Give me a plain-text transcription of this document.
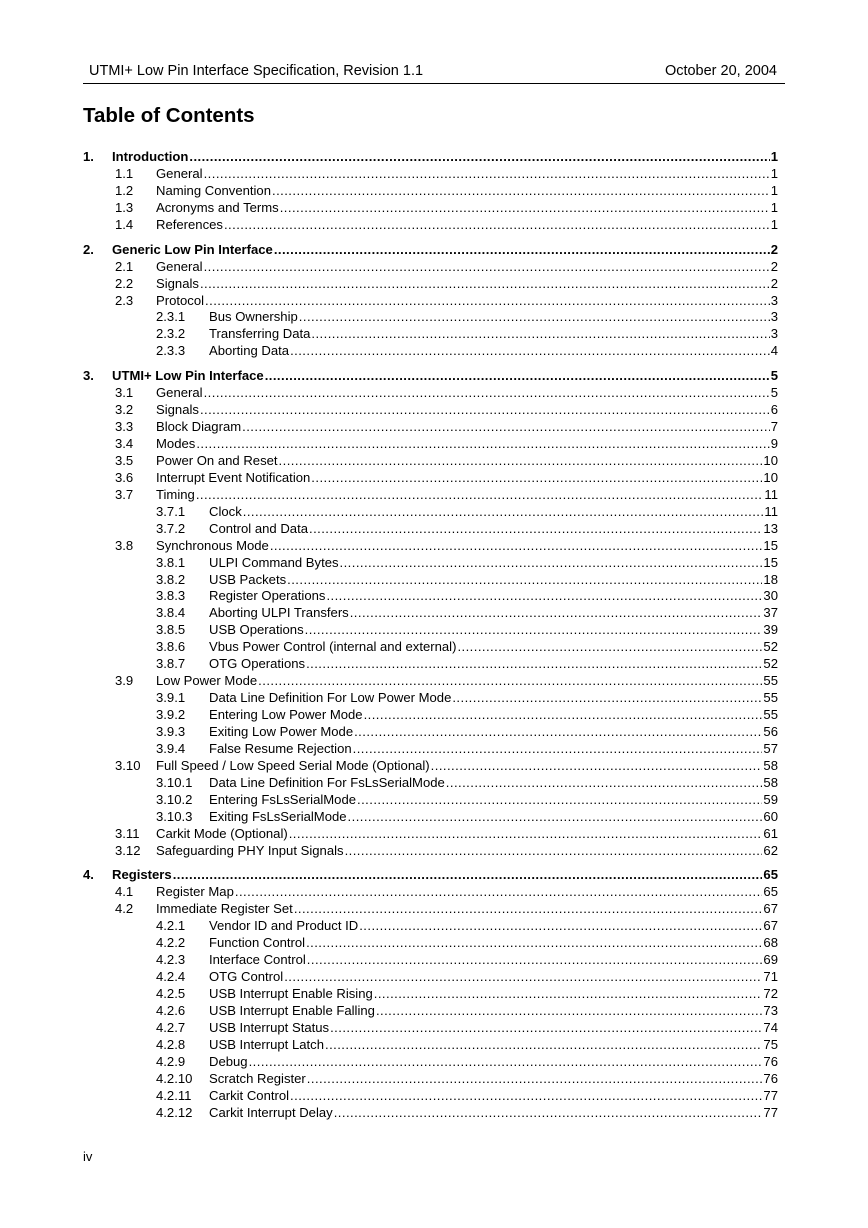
UTMI+ Low Pin Interface Specification, Revision 1.1	October 20, 2004
Table of Contents
1. Introduction . . .	1
1.1 General . . .	1
1.2 Naming Convention . . .	1
1.3 Acronyms and Terms . . .	1
1.4 References . . .	1
2. Generic Low Pin Interface . . .	2
2.1 General . . .	2
2.2 Signals . . .	2
2.3 Protocol . . .	3
2.3.1 Bus Ownership . . .	3
2.3.2 Transferring Data . . .	3
2.3.3 Aborting Data . . .	4
3. UTMI+ Low Pin Interface . . .	5
3.1 General . . .	5
3.2 Signals . . .	6
3.3 Block Diagram . . .	7
3.4 Modes . . .	9
3.5 Power On and Reset . . .	10
3.6 Interrupt Event Notification . . .	10
3.7 Timing . . .	11
3.7.1 Clock . . .	11
3.7.2 Control and Data . . .	13
3.8 Synchronous Mode . . .	15
3.8.1 ULPI Command Bytes . . .	15
3.8.2 USB Packets . . .	18
3.8.3 Register Operations . . .	30
3.8.4 Aborting ULPI Transfers . . .	37
3.8.5 USB Operations . . .	39
3.8.6 Vbus Power Control (internal and external) . . .	52
3.8.7 OTG Operations . . .	52
3.9 Low Power Mode . . .	55
3.9.1 Data Line Definition For Low Power Mode . . .	55
3.9.2 Entering Low Power Mode . . .	55
3.9.3 Exiting Low Power Mode . . .	56
3.9.4 False Resume Rejection . . .	57
3.10 Full Speed / Low Speed Serial Mode (Optional) . . .	58
3.10.1 Data Line Definition For FsLsSerialMode . . .	58
3.10.2 Entering FsLsSerialMode . . .	59
3.10.3 Exiting FsLsSerialMode . . .	60
3.11 Carkit Mode (Optional) . . .	61
3.12 Safeguarding PHY Input Signals . . .	62
4. Registers . . .	65
4.1 Register Map . . .	65
4.2 Immediate Register Set . . .	67
4.2.1 Vendor ID and Product ID . . .	67
4.2.2 Function Control . . .	68
4.2.3 Interface Control . . .	69
4.2.4 OTG Control . . .	71
4.2.5 USB Interrupt Enable Rising . . .	72
4.2.6 USB Interrupt Enable Falling . . .	73
4.2.7 USB Interrupt Status . . .	74
4.2.8 USB Interrupt Latch . . .	75
4.2.9 Debug . . .	76
4.2.10 Scratch Register . . .	76
4.2.11 Carkit Control . . .	77
4.2.12 Carkit Interrupt Delay . . .	77
iv
